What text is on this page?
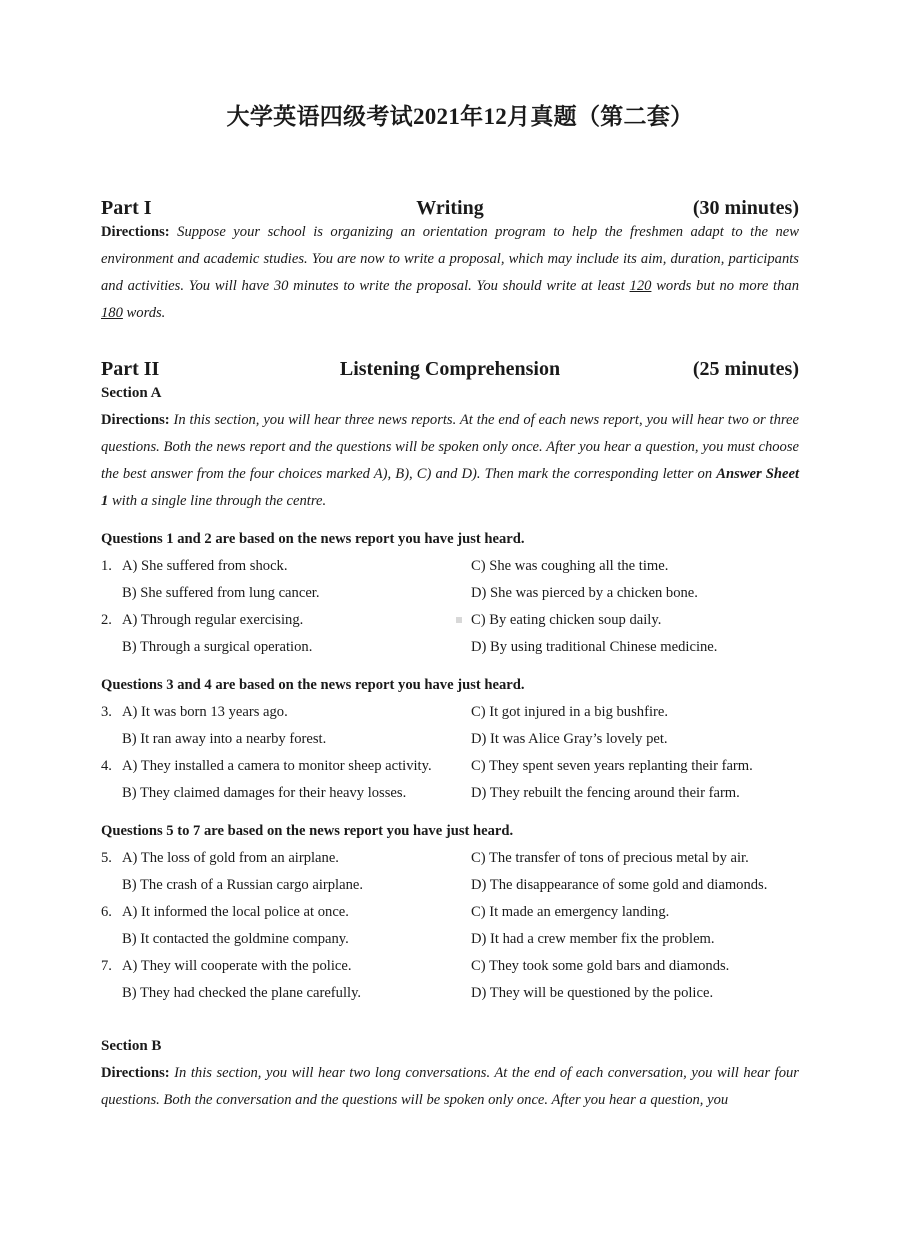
大学英语四级考试2021年12月真题（第二套）
Writing
Part I	(30 minutes)
Directions: Suppose your school is organizing an orientation program to help the freshmen adapt to the new environment and academic studies. You are now to write a proposal, which may include its aim, duration, participants and activities. You will have 30 minutes to write the proposal. You should write at least 120 words but no more than 180 words.
Listening Comprehension
Part II	(25 minutes)
Section A
Directions: In this section, you will hear three news reports. At the end of each news report, you will hear two or three questions. Both the news report and the questions will be spoken only once. After you hear a question, you must choose the best answer from the four choices marked A), B), C) and D). Then mark the corresponding letter on Answer Sheet 1 with a single line through the centre.
Questions 1 and 2 are based on the news report you have just heard.
1. A) She suffered from shock.	C) She was coughing all the time.
B) She suffered from lung cancer.	D) She was pierced by a chicken bone.
2. A) Through regular exercising.	C) By eating chicken soup daily.
B) Through a surgical operation.	D) By using traditional Chinese medicine.
Questions 3 and 4 are based on the news report you have just heard.
3. A) It was born 13 years ago.	C) It got injured in a big bushfire.
B) It ran away into a nearby forest.	D) It was Alice Gray’s lovely pet.
4. A) They installed a camera to monitor sheep activity.	C) They spent seven years replanting their farm.
B) They claimed damages for their heavy losses.	D) They rebuilt the fencing around their farm.
Questions 5 to 7 are based on the news report you have just heard.
5. A) The loss of gold from an airplane.	C) The transfer of tons of precious metal by air.
B) The crash of a Russian cargo airplane.	D) The disappearance of some gold and diamonds.
6. A) It informed the local police at once.	C) It made an emergency landing.
B) It contacted the goldmine company.	D) It had a crew member fix the problem.
7. A) They will cooperate with the police.	C) They took some gold bars and diamonds.
B) They had checked the plane carefully.	D) They will be questioned by the police.
Section B
Directions: In this section, you will hear two long conversations. At the end of each conversation, you will hear four questions. Both the conversation and the questions will be spoken only once. After you hear a question, you
